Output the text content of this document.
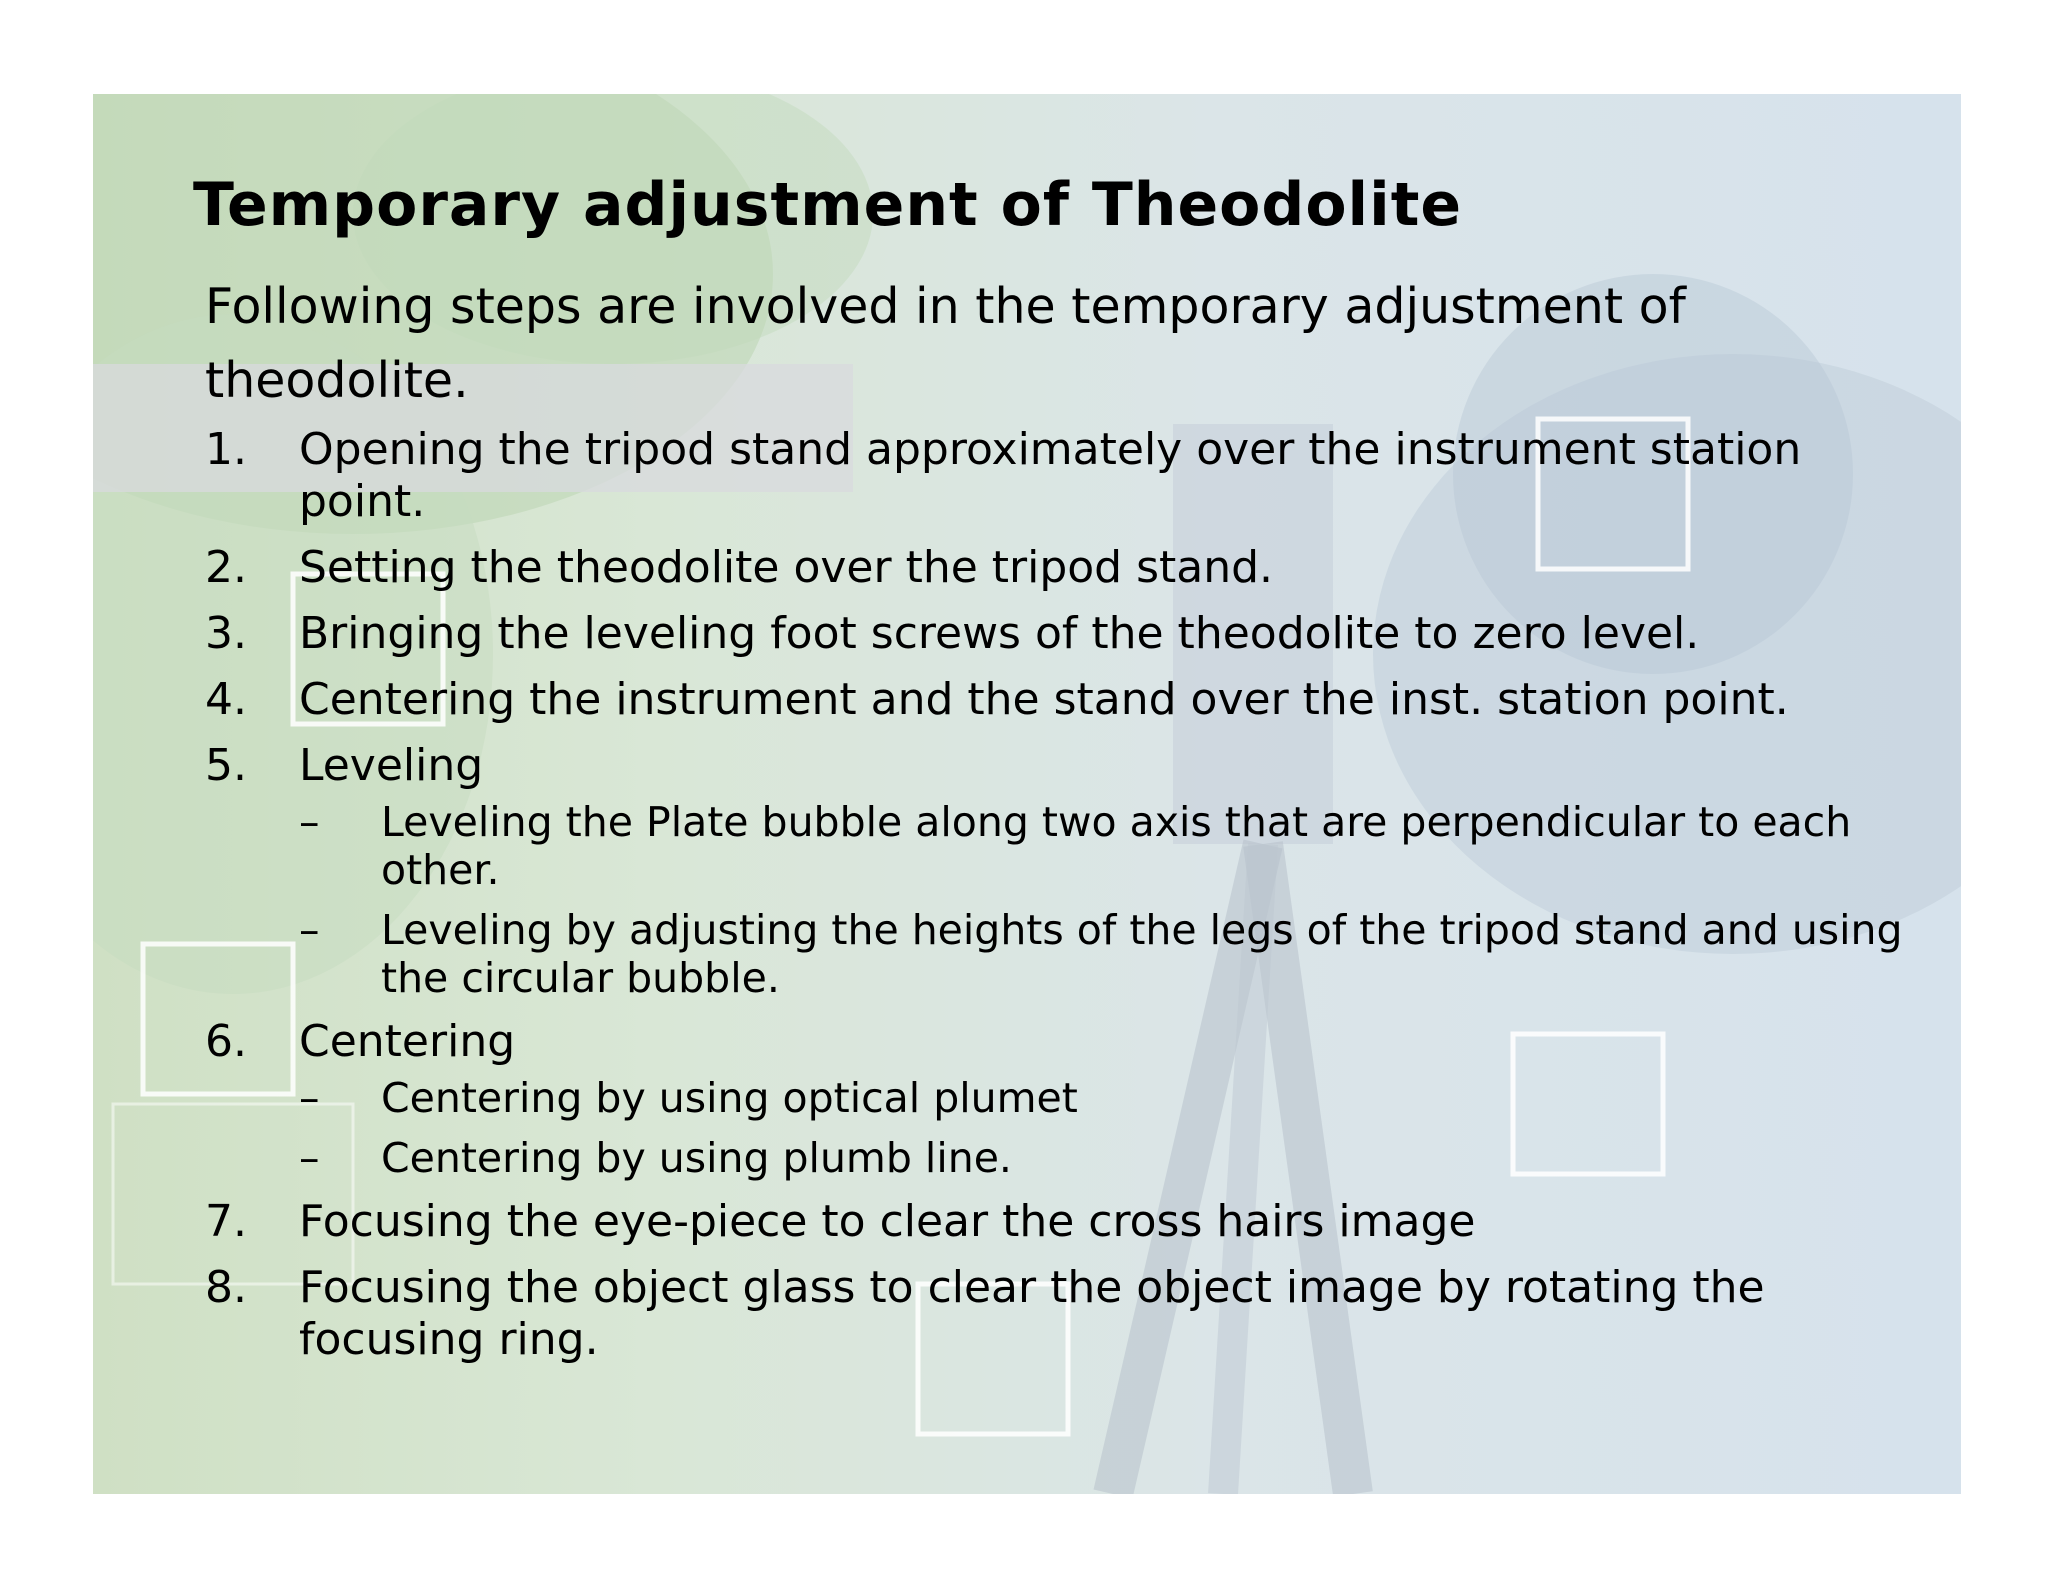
Temporary adjustment of Theodolite

Following steps are involved in the temporary adjustment of theodolite.

1. Opening the tripod stand approximately over the instrument station point.
2. Setting the theodolite over the tripod stand.
3. Bringing the leveling foot screws of the theodolite to zero level.
4. Centering the instrument and the stand over the inst. station point.
5. Leveling
– Leveling the Plate bubble along two axis that are perpendicular to each other.
– Leveling by adjusting the heights of the legs of the tripod stand and using the circular bubble.
6. Centering
– Centering by using optical plumet
– Centering by using plumb line.
7. Focusing the eye-piece to clear the cross hairs image
8. Focusing the object glass to clear the object image by rotating the focusing ring.
